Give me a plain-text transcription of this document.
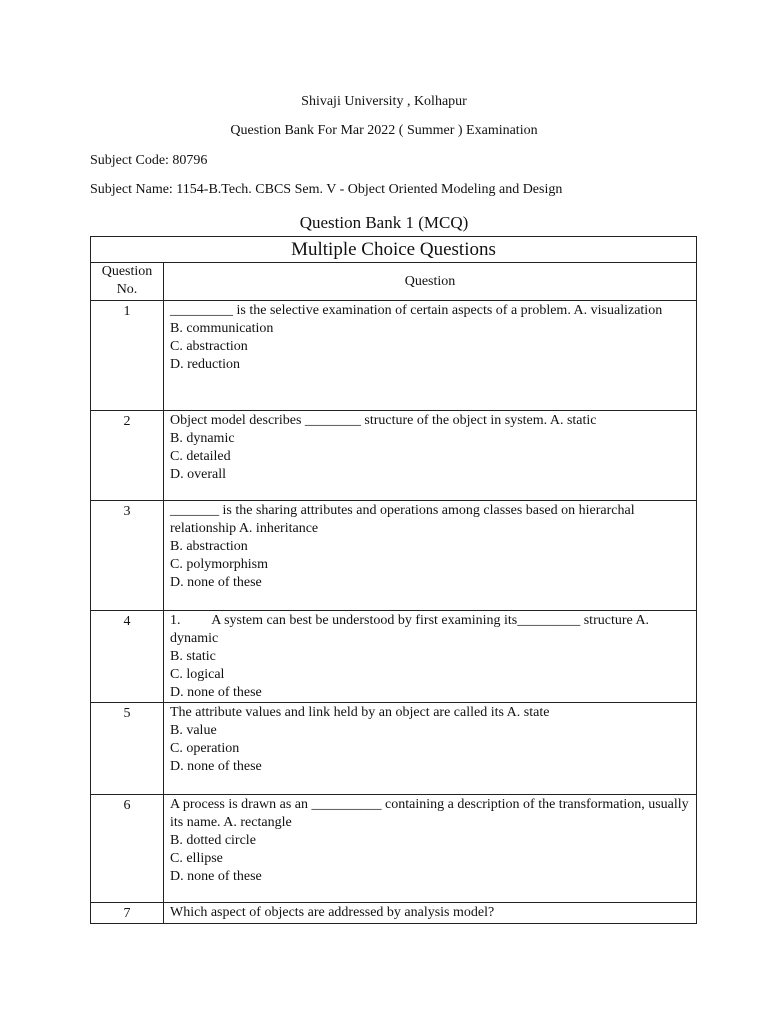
Shivaji University , Kolhapur
Question Bank For Mar 2022 ( Summer ) Examination
Subject Code: 80796
Subject Name: 1154-B.Tech. CBCS Sem. V - Object Oriented Modeling and Design
Question Bank 1 (MCQ)
Multiple Choice Questions	
Question No.	Question
1	_________ is the selective examination of certain aspects of a problem. A. visualization
B. communication
C. abstraction
D. reduction

2	Object model describes ________ structure of the object in system. A. static
B. dynamic
C. detailed
D. overall

3	_______ is the sharing attributes and operations among classes based on hierarchal relationship A. inheritance
B. abstraction
C. polymorphism
D. none of these

4	1.         A system can best be understood by first examining its_________ structure A. dynamic
B. static
C. logical
D. none of these

5	The attribute values and link held by an object are called its A. state
B. value
C. operation
D. none of these

6	A process is drawn as an __________ containing a description of the transformation, usually its name. A. rectangle
B. dotted circle
C. ellipse
D. none of these

7	Which aspect of objects are addressed by analysis model?
